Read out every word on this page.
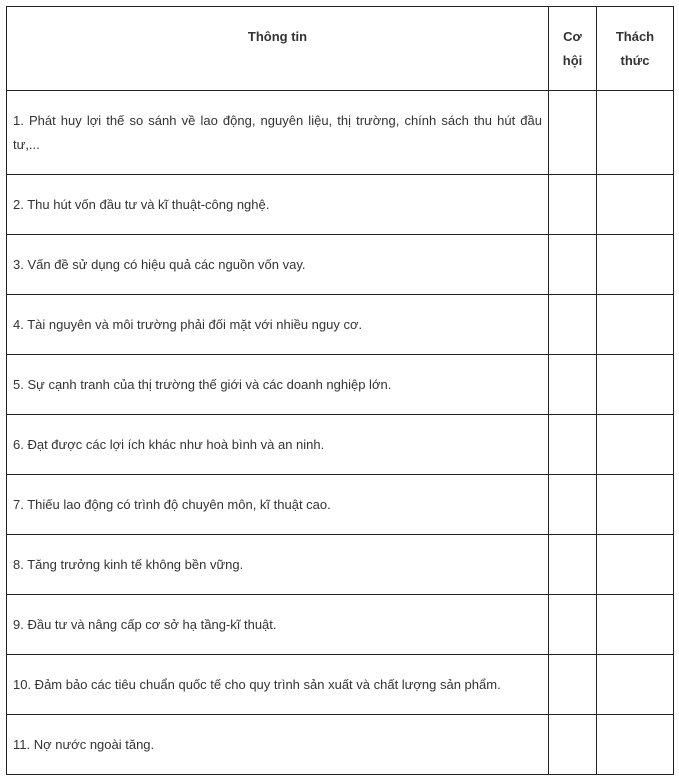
Thông tin	Cơ hội	Thách thức
1. Phát huy lợi thế so sánh về lao động, nguyên liệu, thị trường, chính sách thu hút đầu tư,...		
2. Thu hút vốn đầu tư và kĩ thuật-công nghệ.		
3. Vấn đề sử dụng có hiệu quả các nguồn vốn vay.		
4. Tài nguyên và môi trường phải đối mặt với nhiều nguy cơ.		
5. Sự cạnh tranh của thị trường thế giới và các doanh nghiệp lớn.		
6. Đạt được các lợi ích khác như hoà bình và an ninh.		
7. Thiếu lao động có trình độ chuyên môn, kĩ thuật cao.		
8. Tăng trưởng kinh tế không bền vững.		
9. Đầu tư và nâng cấp cơ sở hạ tầng-kĩ thuật.		
10. Đảm bảo các tiêu chuẩn quốc tế cho quy trình sản xuất và chất lượng sản phẩm.		
11. Nợ nước ngoài tăng.		
